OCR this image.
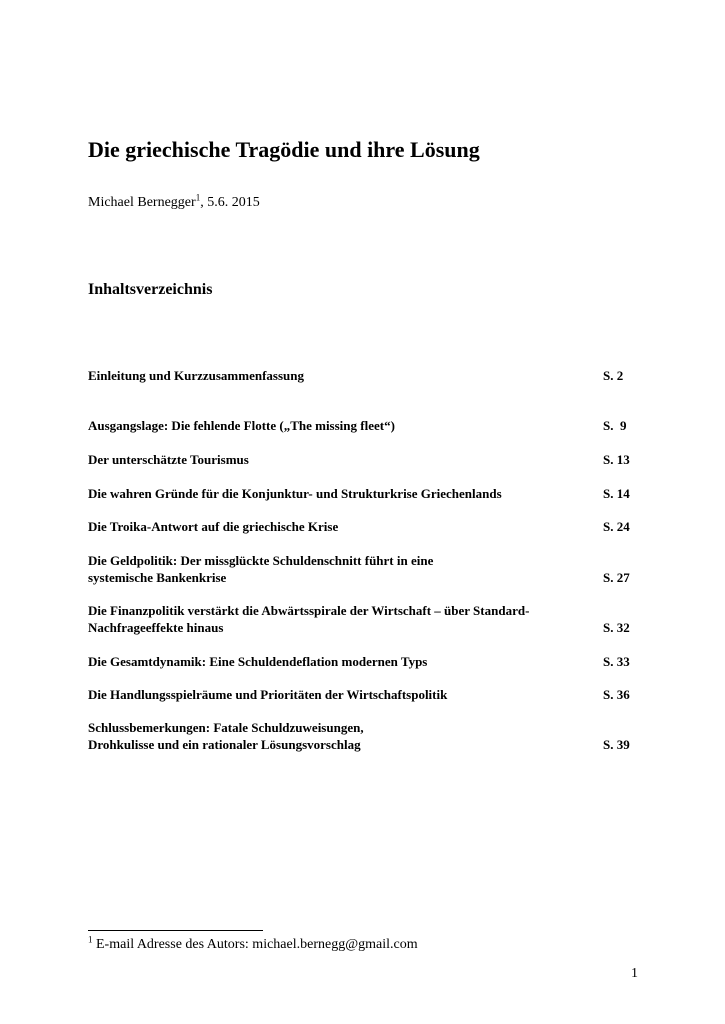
Die griechische Tragödie und ihre Lösung
Michael Bernegger$^1$, 5.6. 2015
Inhaltsverzeichnis
Einleitung und Kurzzusammenfassung	S. 2
Ausgangslage: Die fehlende Flotte („The missing fleet“)	S.  9
Der unterschätzte Tourismus	S. 13
Die wahren Gründe für die Konjunktur- und Strukturkrise Griechenlands	S. 14
Die Troika-Antwort auf die griechische Krise	S. 24
Die Geldpolitik: Der missglückte Schuldenschnitt führt in eine
systemische Bankenkrise	S. 27
Die Finanzpolitik verstärkt die Abwärtsspirale der Wirtschaft – über Standard-
Nachfrageeffekte hinaus	S. 32
Die Gesamtdynamik: Eine Schuldendeflation modernen Typs	S. 33
Die Handlungsspielräume und Prioritäten der Wirtschaftspolitik	S. 36
Schlussbemerkungen: Fatale Schuldzuweisungen,
Drohkulisse und ein rationaler Lösungsvorschlag	S. 39
$^1$ E-mail Adresse des Autors: michael.bernegg@gmail.com
1
